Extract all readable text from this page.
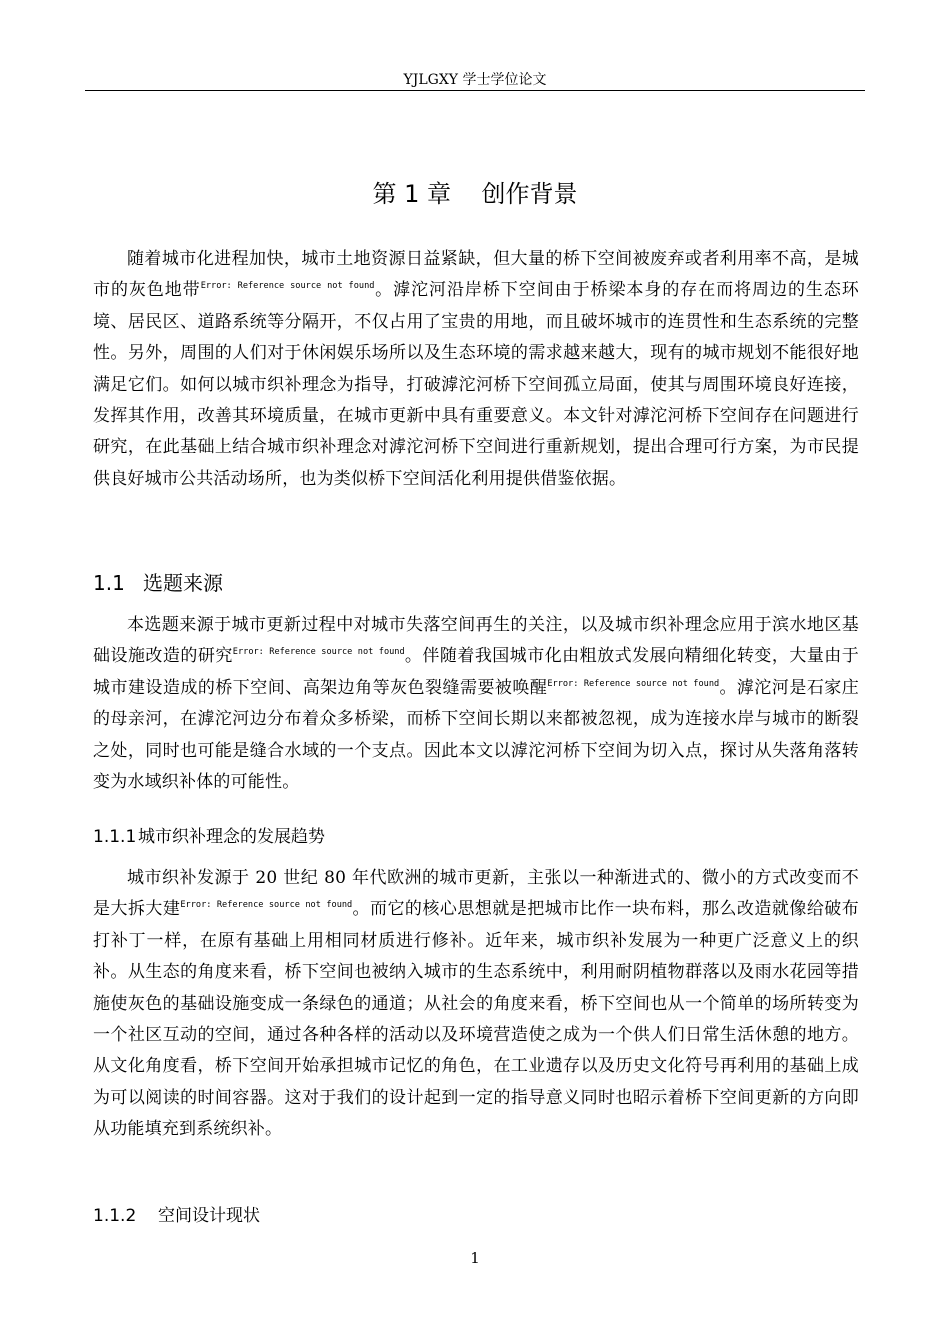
YJLGXY 学士学位论文
第 1 章    创作背景

随着城市化进程加快，城市土地资源日益紧缺，但大量的桥下空间被废弃或者利用率不高，是城市的灰色地带$^{Error: Reference source not found}$。滹沱河沿岸桥下空间由于桥梁本身的存在而将周边的生态环境、居民区、道路系统等分隔开，不仅占用了宝贵的用地，而且破坏城市的连贯性和生态系统的完整性。另外，周围的人们对于休闲娱乐场所以及生态环境的需求越来越大，现有的城市规划不能很好地满足它们。如何以城市织补理念为指导，打破滹沱河桥下空间孤立局面，使其与周围环境良好连接，发挥其作用，改善其环境质量，在城市更新中具有重要意义。本文针对滹沱河桥下空间存在问题进行研究，在此基础上结合城市织补理念对滹沱河桥下空间进行重新规划，提出合理可行方案，为市民提供良好城市公共活动场所，也为类似桥下空间活化利用提供借鉴依据。

1.1 选题来源

本选题来源于城市更新过程中对城市失落空间再生的关注，以及城市织补理念应用于滨水地区基础设施改造的研究$^{Error: Reference source not found}$。伴随着我国城市化由粗放式发展向精细化转变，大量由于城市建设造成的桥下空间、高架边角等灰色裂缝需要被唤醒$^{Error: Reference source not found}$。滹沱河是石家庄的母亲河，在滹沱河边分布着众多桥梁，而桥下空间长期以来都被忽视，成为连接水岸与城市的断裂之处，同时也可能是缝合水域的一个支点。因此本文以滹沱河桥下空间为切入点，探讨从失落角落转变为水域织补体的可能性。

1.1.1 城市织补理念的发展趋势

城市织补发源于 20 世纪 80 年代欧洲的城市更新，主张以一种渐进式的、微小的方式改变而不是大拆大建$^{Error: Reference source not found}$。而它的核心思想就是把城市比作一块布料，那么改造就像给破布打补丁一样，在原有基础上用相同材质进行修补。近年来，城市织补发展为一种更广泛意义上的织补。从生态的角度来看，桥下空间也被纳入城市的生态系统中，利用耐阴植物群落以及雨水花园等措施使灰色的基础设施变成一条绿色的通道；从社会的角度来看，桥下空间也从一个简单的场所转变为一个社区互动的空间，通过各种各样的活动以及环境营造使之成为一个供人们日常生活休憩的地方。从文化角度看，桥下空间开始承担城市记忆的角色，在工业遗存以及历史文化符号再利用的基础上成为可以阅读的时间容器。这对于我们的设计起到一定的指导意义同时也昭示着桥下空间更新的方向即从功能填充到系统织补。

1.1.2 空间设计现状
1
